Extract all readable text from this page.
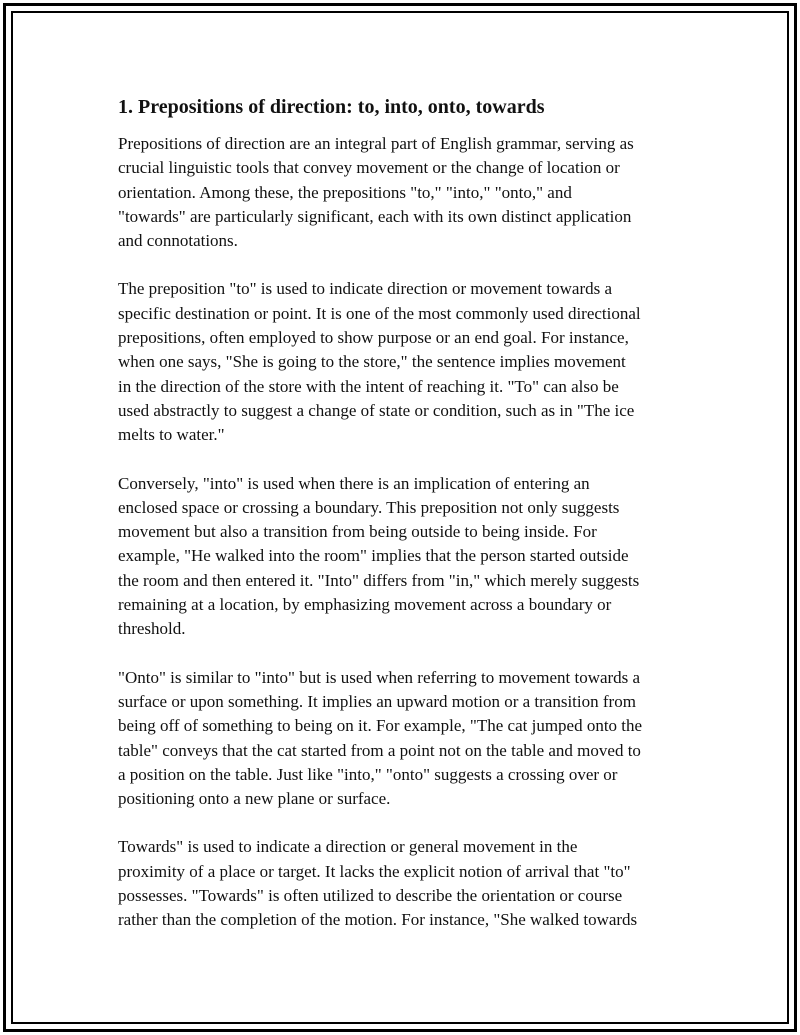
1. Prepositions of direction: to, into, onto, towards

Prepositions of direction are an integral part of English grammar, serving as
crucial linguistic tools that convey movement or the change of location or
orientation. Among these, the prepositions "to," "into," "onto," and
"towards" are particularly significant, each with its own distinct application
and connotations.

The preposition "to" is used to indicate direction or movement towards a
specific destination or point. It is one of the most commonly used directional
prepositions, often employed to show purpose or an end goal. For instance,
when one says, "She is going to the store," the sentence implies movement
in the direction of the store with the intent of reaching it. "To" can also be
used abstractly to suggest a change of state or condition, such as in "The ice
melts to water."

Conversely, "into" is used when there is an implication of entering an
enclosed space or crossing a boundary. This preposition not only suggests
movement but also a transition from being outside to being inside. For
example, "He walked into the room" implies that the person started outside
the room and then entered it. "Into" differs from "in," which merely suggests
remaining at a location, by emphasizing movement across a boundary or
threshold.

"Onto" is similar to "into" but is used when referring to movement towards a
surface or upon something. It implies an upward motion or a transition from
being off of something to being on it. For example, "The cat jumped onto the
table" conveys that the cat started from a point not on the table and moved to
a position on the table. Just like "into," "onto" suggests a crossing over or
positioning onto a new plane or surface.

Towards" is used to indicate a direction or general movement in the
proximity of a place or target. It lacks the explicit notion of arrival that "to"
possesses. "Towards" is often utilized to describe the orientation or course
rather than the completion of the motion. For instance, "She walked towards
